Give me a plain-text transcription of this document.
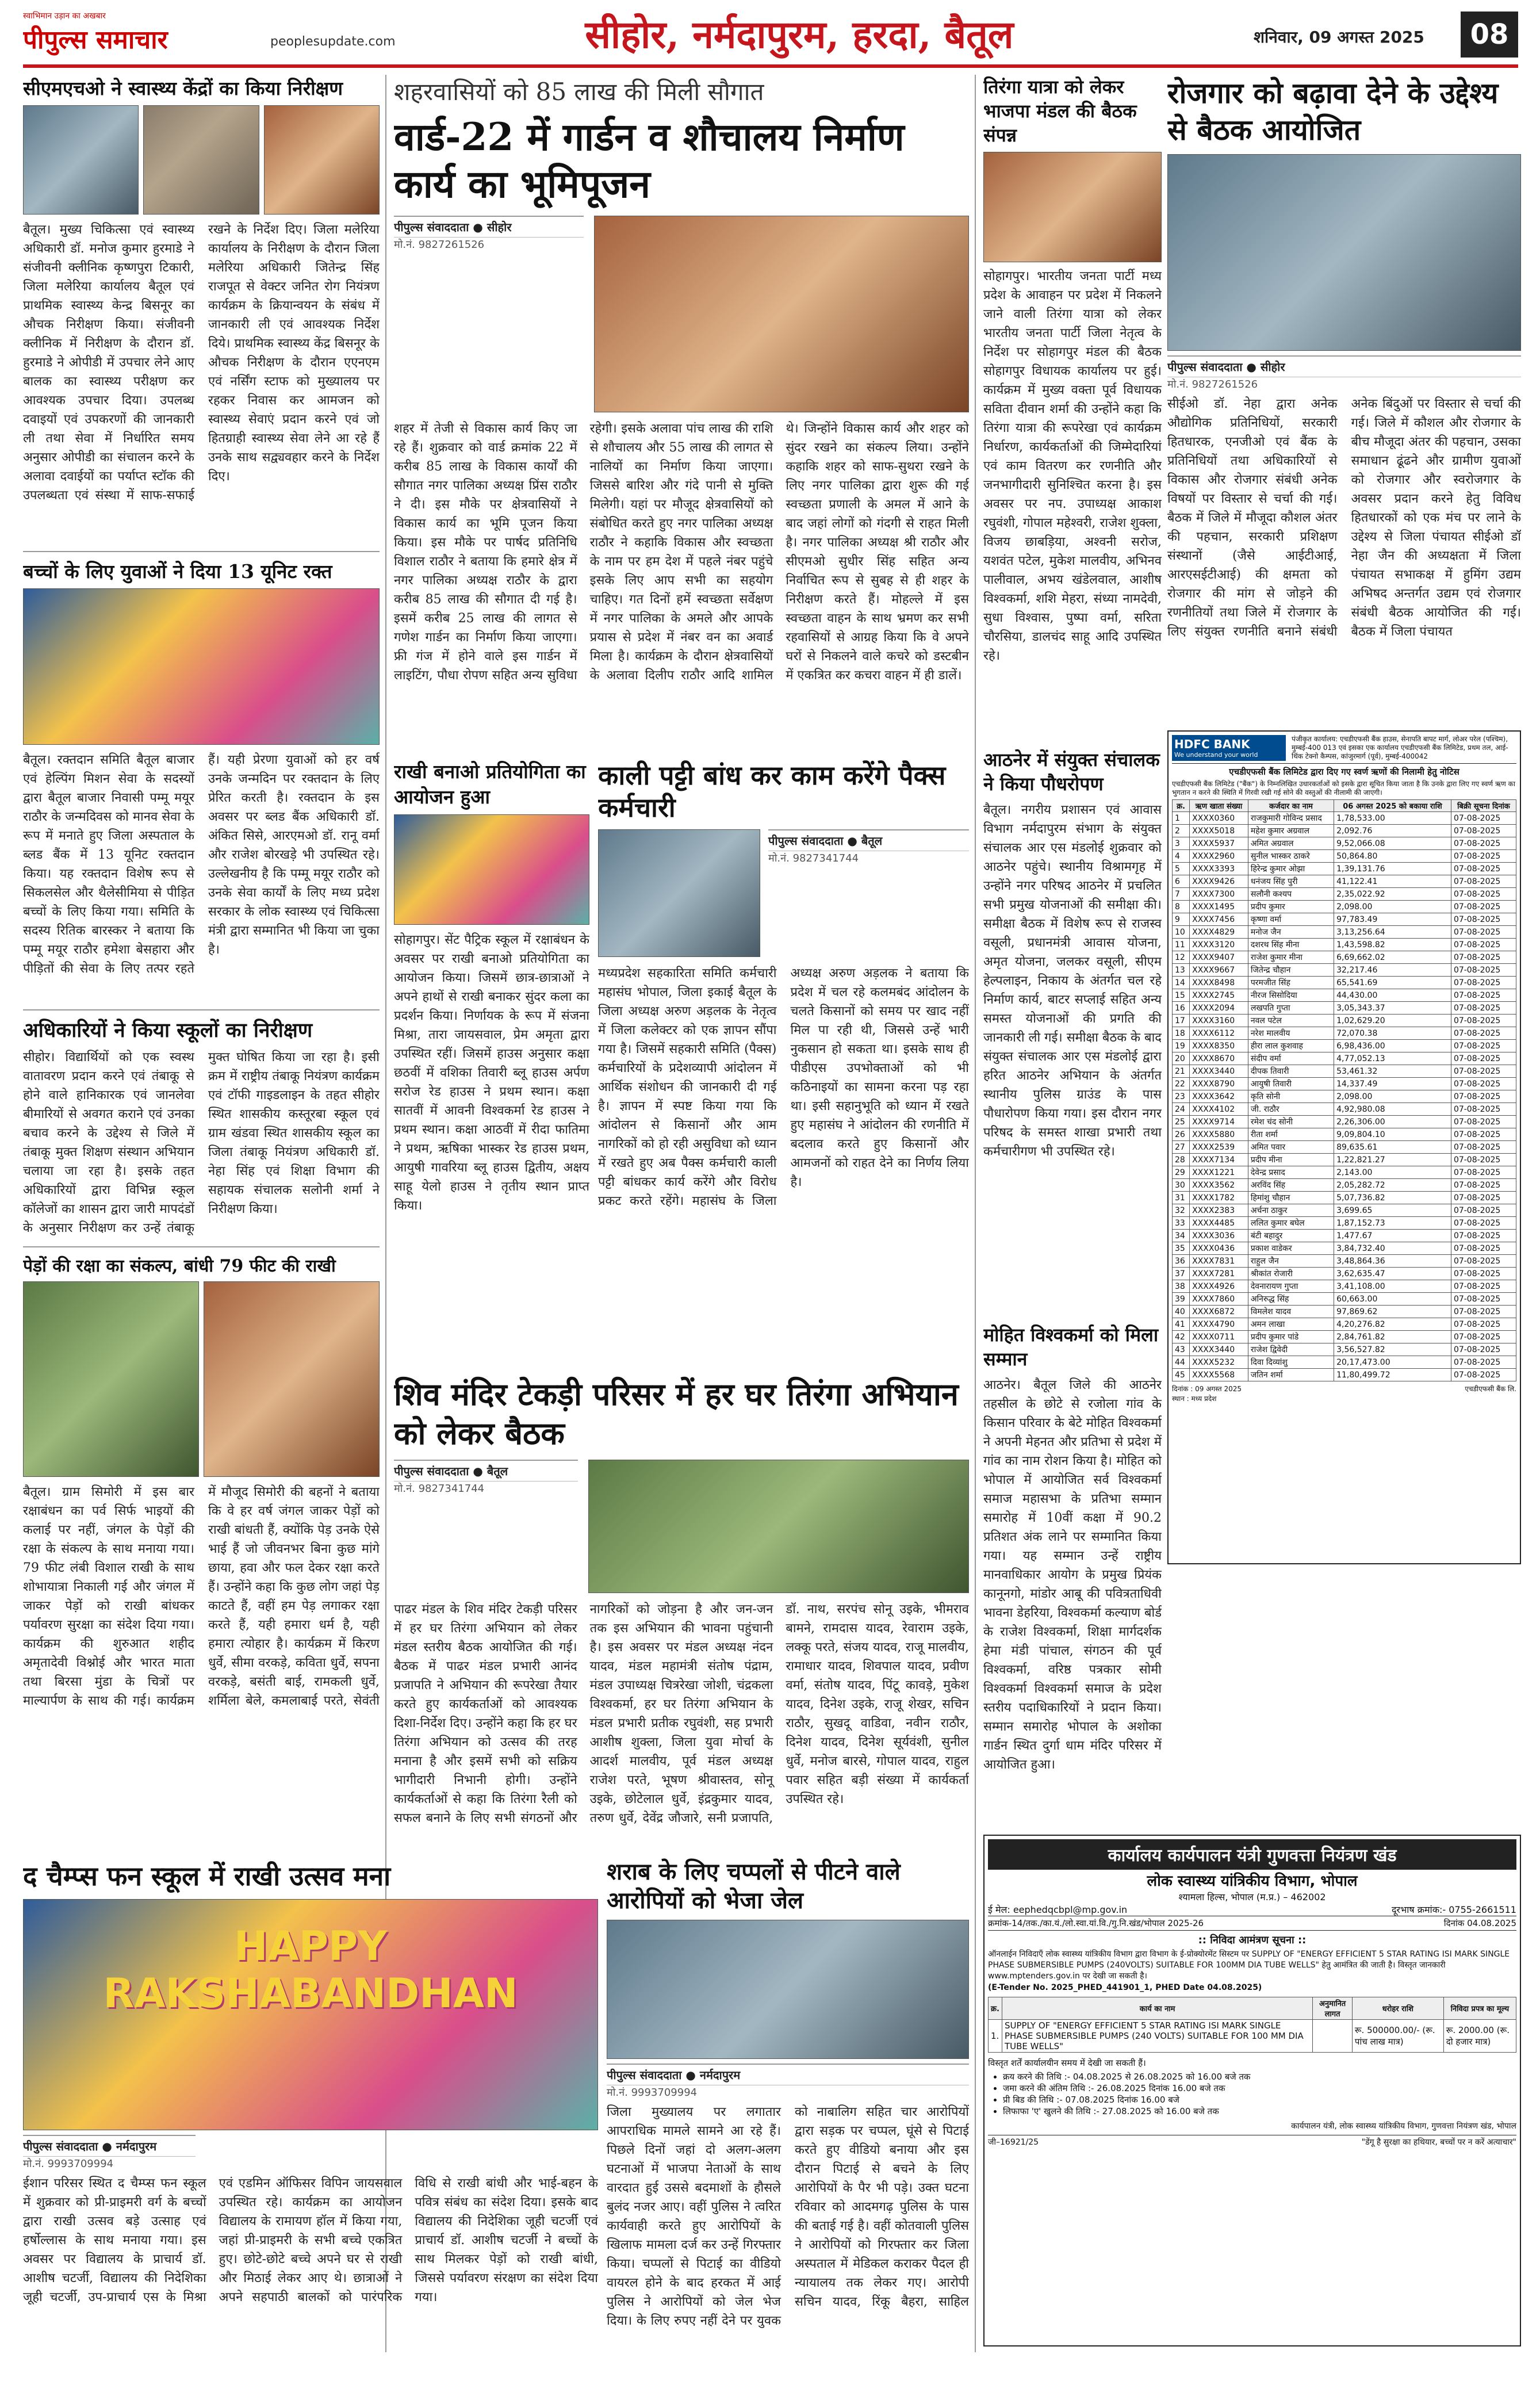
स्वाभिमान उड़ान का अखबार
पीपुल्स समाचार	peoplesupdate.com	सीहोर, नर्मदापुरम, हरदा, बैतूल	शनिवार, 09 अगस्त 2025	08
सीएमएचओ ने स्वास्थ्य केंद्रों का किया निरीक्षण
बैतूल। मुख्य चिकित्सा एवं स्वास्थ्य अधिकारी डॉ. मनोज कुमार हुरमाडे ने संजीवनी क्लीनिक कृष्णपुरा टिकारी, जिला मलेरिया कार्यालय बैतूल एवं प्राथमिक स्वास्थ्य केन्द्र बिसनूर का औचक निरीक्षण किया। संजीवनी क्लीनिक में निरीक्षण के दौरान डॉ. हुरमाडे ने ओपीडी में उपचार लेने आए बालक का स्वास्थ्य परीक्षण कर आवश्यक उपचार दिया। उपलब्ध दवाइयों एवं उपकरणों की जानकारी ली तथा सेवा में निर्धारित समय अनुसार ओपीडी का संचालन करने के अलावा दवाईयों का पर्याप्त स्टॉक की उपलब्धता एवं संस्था में साफ-सफाई रखने के निर्देश दिए। जिला मलेरिया कार्यालय के निरीक्षण के दौरान जिला मलेरिया अधिकारी जितेन्द्र सिंह राजपूत से वेक्टर जनित रोग नियंत्रण कार्यक्रम के क्रियान्वयन के संबंध में जानकारी ली एवं आवश्यक निर्देश दिये। प्राथमिक स्वास्थ्य केंद्र बिसनूर के औचक निरीक्षण के दौरान एएनएम एवं नर्सिंग स्टाफ को मुख्यालय पर रहकर निवास कर आमजन को स्वास्थ्य सेवाएं प्रदान करने एवं जो हितग्राही स्वास्थ्य सेवा लेने आ रहे हैं उनके साथ सद्व्यवहार करने के निर्देश दिए।
बच्चों के लिए युवाओं ने दिया 13 यूनिट रक्त
बैतूल। रक्तदान समिति बैतूल बाजार एवं हेल्पिंग मिशन सेवा के सदस्यों द्वारा बैतूल बाजार निवासी पम्मू मयूर राठौर के जन्मदिवस को मानव सेवा के रूप में मनाते हुए जिला अस्पताल के ब्लड बैंक में 13 यूनिट रक्तदान किया। यह रक्तदान विशेष रूप से सिकलसेल और थैलेसीमिया से पीड़ित बच्चों के लिए किया गया। समिति के सदस्य रितिक बारस्कर ने बताया कि पम्मू मयूर राठौर हमेशा बेसहारा और पीड़ितों की सेवा के लिए तत्पर रहते हैं। यही प्रेरणा युवाओं को हर वर्ष उनके जन्मदिन पर रक्तदान के लिए प्रेरित करती है। रक्तदान के इस अवसर पर ब्लड बैंक अधिकारी डॉ. अंकित सिसे, आरएमओ डॉ. रानू वर्मा और राजेश बोरखड़े भी उपस्थित रहे। उल्लेखनीय है कि पम्मू मयूर राठौर को उनके सेवा कार्यों के लिए मध्य प्रदेश सरकार के लोक स्वास्थ्य एवं चिकित्सा मंत्री द्वारा सम्मानित भी किया जा चुका है।
अधिकारियों ने किया स्कूलों का निरीक्षण
सीहोर। विद्यार्थियों को एक स्वस्थ वातावरण प्रदान करने एवं तंबाकू से होने वाले हानिकारक एवं जानलेवा बीमारियों से अवगत कराने एवं उनका बचाव करने के उद्देश्य से जिले में तंबाकू मुक्त शिक्षण संस्थान अभियान चलाया जा रहा है। इसके तहत अधिकारियों द्वारा विभिन्न स्कूल कॉलेजों का शासन द्वारा जारी मापदंडों के अनुसार निरीक्षण कर उन्हें तंबाकू मुक्त घोषित किया जा रहा है। इसी क्रम में राष्ट्रीय तंबाकू नियंत्रण कार्यक्रम एवं टॉफी गाइडलाइन के तहत सीहोर स्थित शासकीय कस्तूरबा स्कूल एवं ग्राम खंडवा स्थित शासकीय स्कूल का जिला तंबाकू नियंत्रण अधिकारी डॉ. नेहा सिंह एवं शिक्षा विभाग की सहायक संचालक सलोनी शर्मा ने निरीक्षण किया।
पेड़ों की रक्षा का संकल्प, बांधी 79 फीट की राखी
बैतूल। ग्राम सिमोरी में इस बार रक्षाबंधन का पर्व सिर्फ भाइयों की कलाई पर नहीं, जंगल के पेड़ों की रक्षा के संकल्प के साथ मनाया गया। 79 फीट लंबी विशाल राखी के साथ शोभायात्रा निकाली गई और जंगल में जाकर पेड़ों को राखी बांधकर पर्यावरण सुरक्षा का संदेश दिया गया। कार्यक्रम की शुरुआत शहीद अमृतादेवी विश्नोई और भारत माता तथा बिरसा मुंडा के चित्रों पर माल्यार्पण के साथ की गई। कार्यक्रम में मौजूद सिमोरी की बहनों ने बताया कि वे हर वर्ष जंगल जाकर पेड़ों को राखी बांधती हैं, क्योंकि पेड़ उनके ऐसे भाई हैं जो जीवनभर बिना कुछ मांगे छाया, हवा और फल देकर रक्षा करते हैं। उन्होंने कहा कि कुछ लोग जहां पेड़ काटते हैं, वहीं हम पेड़ लगाकर रक्षा करते हैं, यही हमारा धर्म है, यही हमारा त्योहार है। कार्यक्रम में किरण धुर्वे, सीमा वरकड़े, कविता धुर्वे, सपना वरकड़े, बसंती बाई, रामकली धुर्वे, शर्मिला बेले, कमलाबाई परते, सेवंती
शहरवासियों को 85 लाख की मिली सौगात
वार्ड-22 में गार्डन व शौचालय निर्माण कार्य का भूमिपूजन
पीपुल्स संवाददाता ● सीहोर
मो.नं. 9827261526
शहर में तेजी से विकास कार्य किए जा रहे हैं। शुक्रवार को वार्ड क्रमांक 22 में करीब 85 लाख के विकास कार्यों की सौगात नगर पालिका अध्यक्ष प्रिंस राठौर ने दी। इस मौके पर क्षेत्रवासियों ने विकास कार्य का भूमि पूजन किया किया। इस मौके पर पार्षद प्रतिनिधि विशाल राठौर ने बताया कि हमारे क्षेत्र में नगर पालिका अध्यक्ष राठौर के द्वारा करीब 85 लाख की सौगात दी गई है। इसमें करीब 25 लाख की लागत से गणेश गार्डन का निर्माण किया जाएगा। फ्री गंज में होने वाले इस गार्डन में लाइटिंग, पौधा रोपण सहित अन्य सुविधा रहेगी। इसके अलावा पांच लाख की राशि से शौचालय और 55 लाख की लागत से नालियों का निर्माण किया जाएगा। जिससे बारिश और गंदे पानी से मुक्ति मिलेगी। यहां पर मौजूद क्षेत्रवासियों को संबोधित करते हुए नगर पालिका अध्यक्ष राठौर ने कहाकि विकास और स्वच्छता के नाम पर हम देश में पहले नंबर पहुंचे इसके लिए आप सभी का सहयोग चाहिए। गत दिनों हमें स्वच्छता सर्वेक्षण में नगर पालिका के अमले और आपके प्रयास से प्रदेश में नंबर वन का अवार्ड मिला है। कार्यक्रम के दौरान क्षेत्रवासियों के अलावा दिलीप राठौर आदि शामिल थे। जिन्होंने विकास कार्य और शहर को सुंदर रखने का संकल्प लिया। उन्होंने कहाकि शहर को साफ-सुथरा रखने के लिए नगर पालिका द्वारा शुरू की गई स्वच्छता प्रणाली के अमल में आने के बाद जहां लोगों को गंदगी से राहत मिली है। नगर पालिका अध्यक्ष श्री राठौर और सीएमओ सुधीर सिंह सहित अन्य निर्वाचित रूप से सुबह से ही शहर के निरीक्षण करते हैं। मोहल्ले में इस स्वच्छता वाहन के साथ भ्रमण कर सभी रहवासियों से आग्रह किया कि वे अपने घरों से निकलने वाले कचरे को डस्टबीन में एकत्रित कर कचरा वाहन में ही डालें।
राखी बनाओ प्रतियोगिता का आयोजन हुआ
सोहागपुर। सेंट पैट्रिक स्कूल में रक्षाबंधन के अवसर पर राखी बनाओ प्रतियोगिता का आयोजन किया। जिसमें छात्र-छात्राओं ने अपने हाथों से राखी बनाकर सुंदर कला का प्रदर्शन किया। निर्णायक के रूप में संजना मिश्रा, तारा जायसवाल, प्रेम अमृता द्वारा उपस्थित रहीं। जिसमें हाउस अनुसार कक्षा छठवीं में वशिका तिवारी ब्लू हाउस अर्पण सरोज रेड हाउस ने प्रथम स्थान। कक्षा सातवीं में आवनी विश्वकर्मा रेड हाउस ने प्रथम स्थान। कक्षा आठवीं में रीदा फातिमा ने प्रथम, ऋषिका भास्कर रेड हाउस प्रथम, आयुषी गावरिया ब्लू हाउस द्वितीय, अक्षय साहू येलो हाउस ने तृतीय स्थान प्राप्त किया।
काली पट्टी बांध कर काम करेंगे पैक्स कर्मचारी
पीपुल्स संवाददाता ● बैतूल
मो.नं. 9827341744
मध्यप्रदेश सहकारिता समिति कर्मचारी महासंघ भोपाल, जिला इकाई बैतूल के जिला अध्यक्ष अरुण अड़लक के नेतृत्व में जिला कलेक्टर को एक ज्ञापन सौंपा गया है। जिसमें सहकारी समिति (पैक्स) कर्मचारियों के प्रदेशव्यापी आंदोलन में आर्थिक संशोधन की जानकारी दी गई है। ज्ञापन में स्पष्ट किया गया कि आंदोलन से किसानों और आम नागरिकों को हो रही असुविधा को ध्यान में रखते हुए अब पैक्स कर्मचारी काली पट्टी बांधकर कार्य करेंगे और विरोध प्रकट करते रहेंगे। महासंघ के जिला अध्यक्ष अरुण अड़लक ने बताया कि प्रदेश में चल रहे कलमबंद आंदोलन के चलते किसानों को समय पर खाद नहीं मिल पा रही थी, जिससे उन्हें भारी नुकसान हो सकता था। इसके साथ ही पीडीएस उपभोक्ताओं को भी कठिनाइयों का सामना करना पड़ रहा था। इसी सहानुभूति को ध्यान में रखते हुए महासंघ ने आंदोलन की रणनीति में बदलाव करते हुए किसानों और आमजनों को राहत देने का निर्णय लिया है।
शिव मंदिर टेकड़ी परिसर में हर घर तिरंगा अभियान को लेकर बैठक
पीपुल्स संवाददाता ● बैतूल
मो.नं. 9827341744
पाढर मंडल के शिव मंदिर टेकड़ी परिसर में हर घर तिरंगा अभियान को लेकर मंडल स्तरीय बैठक आयोजित की गई। बैठक में पाढर मंडल प्रभारी आनंद प्रजापति ने अभियान की रूपरेखा तैयार करते हुए कार्यकर्ताओं को आवश्यक दिशा-निर्देश दिए। उन्होंने कहा कि हर घर तिरंगा अभियान को उत्सव की तरह मनाना है और इसमें सभी को सक्रिय भागीदारी निभानी होगी। उन्होंने कार्यकर्ताओं से कहा कि तिरंगा रैली को सफल बनाने के लिए सभी संगठनों और नागरिकों को जोड़ना है और जन-जन तक इस अभियान की भावना पहुंचानी है। इस अवसर पर मंडल अध्यक्ष नंदन यादव, मंडल महामंत्री संतोष पंद्राम, मंडल उपाध्यक्ष चित्ररेखा जोशी, चंद्रकला विश्वकर्मा, हर घर तिरंगा अभियान के मंडल प्रभारी प्रतीक रघुवंशी, सह प्रभारी आशीष शुक्ला, जिला युवा मोर्चा के आदर्श मालवीय, पूर्व मंडल अध्यक्ष राजेश परते, भूषण श्रीवास्तव, सोनू उइके, छोटेलाल धुर्वे, इंद्रकुमार यादव, तरुण धुर्वे, देवेंद्र जौजारे, सनी प्रजापति, डॉ. नाथ, सरपंच सोनू उइके, भीमराव बामने, रामदास यादव, रेवाराम उइके, लक्कू परते, संजय यादव, राजू मालवीय, रामाधार यादव, शिवपाल यादव, प्रवीण वर्मा, संतोष यादव, पिंटू कावड़े, मुकेश यादव, दिनेश उइके, राजू शेखर, सचिन राठौर, सुखदू वाडिवा, नवीन राठौर, दिनेश यादव, दिनेश सूर्यवंशी, सुनील धुर्वे, मनोज बारसे, गोपाल यादव, राहुल पवार सहित बड़ी संख्या में कार्यकर्ता उपस्थित रहे।
द चैम्प्स फन स्कूल में राखी उत्सव मना
HAPPY RAKSHABANDHAN
पीपुल्स संवाददाता ● नर्मदापुरम
मो.नं. 9993709994
ईशान परिसर स्थित द चैम्प्स फन स्कूल में शुक्रवार को प्री-प्राइमरी वर्ग के बच्चों द्वारा राखी उत्सव बड़े उत्साह एवं हर्षोल्लास के साथ मनाया गया। इस अवसर पर विद्यालय के प्राचार्य डॉ. आशीष चटर्जी, विद्यालय की निदेशिका जूही चटर्जी, उप-प्राचार्य एस के मिश्रा एवं एडमिन ऑफिसर विपिन जायसवाल उपस्थित रहे। कार्यक्रम का आयोजन विद्यालय के रामायण हॉल में किया गया, जहां प्री-प्राइमरी के सभी बच्चे एकत्रित हुए। छोटे-छोटे बच्चे अपने घर से राखी और मिठाई लेकर आए थे। छात्राओं ने अपने सहपाठी बालकों को पारंपरिक विधि से राखी बांधी और भाई-बहन के पवित्र संबंध का संदेश दिया। इसके बाद विद्यालय की निदेशिका जूही चटर्जी एवं प्राचार्य डॉ. आशीष चटर्जी ने बच्चों के साथ मिलकर पेड़ों को राखी बांधी, जिससे पर्यावरण संरक्षण का संदेश दिया गया।
शराब के लिए चप्पलों से पीटने वाले आरोपियों को भेजा जेल
पीपुल्स संवाददाता ● नर्मदापुरम
मो.नं. 9993709994
जिला मुख्यालय पर लगातार आपराधिक मामले सामने आ रहे हैं। पिछले दिनों जहां दो अलग-अलग घटनाओं में भाजपा नेताओं के साथ वारदात हुई उससे बदमाशों के हौसले बुलंद नजर आए। वहीं पुलिस ने त्वरित कार्यवाही करते हुए आरोपियों के खिलाफ मामला दर्ज कर उन्हें गिरफ्तार किया। चप्पलों से पिटाई का वीडियो वायरल होने के बाद हरकत में आई पुलिस ने आरोपियों को जेल भेज दिया। के लिए रुपए नहीं देने पर युवक को नाबालिग सहित चार आरोपियों द्वारा सड़क पर चप्पल, घूंसे से पिटाई करते हुए वीडियो बनाया और इस दौरान पिटाई से बचने के लिए आरोपियों के पैर भी पड़े। उक्त घटना रविवार को आदमगढ़ पुलिस के पास की बताई गई है। वहीं कोतवाली पुलिस ने आरोपियों को गिरफ्तार कर जिला अस्पताल में मेडिकल कराकर पैदल ही न्यायालय तक लेकर गए। आरोपी सचिन यादव, रिंकू बैहरा, साहिल
तिरंगा यात्रा को लेकर भाजपा मंडल की बैठक संपन्न
सोहागपुर। भारतीय जनता पार्टी मध्य प्रदेश के आवाहन पर प्रदेश में निकलने जाने वाली तिरंगा यात्रा को लेकर भारतीय जनता पार्टी जिला नेतृत्व के निर्देश पर सोहागपुर मंडल की बैठक सोहागपुर विधायक कार्यालय पर हुई। कार्यक्रम में मुख्य वक्ता पूर्व विधायक सविता दीवान शर्मा की उन्होंने कहा कि तिरंगा यात्रा की रूपरेखा एवं कार्यक्रम निर्धारण, कार्यकर्ताओं की जिम्मेदारियां एवं काम वितरण कर रणनीति और जनभागीदारी सुनिश्चित करना है। इस अवसर पर नप. उपाध्यक्ष आकाश रघुवंशी, गोपाल महेश्वरी, राजेश शुक्ला, विजय छाबड़िया, अश्वनी सरोज, यशवंत पटेल, मुकेश मालवीय, अभिनव पालीवाल, अभय खंडेलवाल, आशीष विश्वकर्मा, शशि मेहरा, संध्या नामदेवी, सुधा विश्वास, पुष्पा वर्मा, सरिता चौरसिया, डालचंद साहू आदि उपस्थित रहे।
आठनेर में संयुक्त संचालक ने किया पौधरोपण
बैतूल। नगरीय प्रशासन एवं आवास विभाग नर्मदापुरम संभाग के संयुक्त संचालक आर एस मंडलोई शुक्रवार को आठनेर पहुंचे। स्थानीय विश्रामगृह में उन्होंने नगर परिषद आठनेर में प्रचलित सभी प्रमुख योजनाओं की समीक्षा की। समीक्षा बैठक में विशेष रूप से राजस्व वसूली, प्रधानमंत्री आवास योजना, अमृत योजना, जलकर वसूली, सीएम हेल्पलाइन, निकाय के अंतर्गत चल रहे निर्माण कार्य, बाटर सप्लाई सहित अन्य समस्त योजनाओं की प्रगति की जानकारी ली गई। समीक्षा बैठक के बाद संयुक्त संचालक आर एस मंडलोई द्वारा हरित आठनेर अभियान के अंतर्गत स्थानीय पुलिस ग्राउंड के पास पौधारोपण किया गया। इस दौरान नगर परिषद के समस्त शाखा प्रभारी तथा कर्मचारीगण भी उपस्थित रहे।
मोहित विश्वकर्मा को मिला सम्मान
आठनेर। बैतूल जिले की आठनेर तहसील के छोटे से रजोला गांव के किसान परिवार के बेटे मोहित विश्वकर्मा ने अपनी मेहनत और प्रतिभा से प्रदेश में गांव का नाम रोशन किया है। मोहित को भोपाल में आयोजित सर्व विश्वकर्मा समाज महासभा के प्रतिभा सम्मान समारोह में 10वीं कक्षा में 90.2 प्रतिशत अंक लाने पर सम्मानित किया गया। यह सम्मान उन्हें राष्ट्रीय मानवाधिकार आयोग के प्रमुख प्रियंक कानूनगो, मांडोर आबू की पवित्रताधिवी भावना डेहरिया, विश्वकर्मा कल्याण बोर्ड के राजेश विश्वकर्मा, शिक्षा मार्गदर्शक हेमा मंडी पांचाल, संगठन की पूर्व विश्वकर्मा, वरिष्ठ पत्रकार सोमी विश्वकर्मा विश्वकर्मा समाज के प्रदेश स्तरीय पदाधिकारियों ने प्रदान किया। सम्मान समारोह भोपाल के अशोका गार्डन स्थित दुर्गा धाम मंदिर परिसर में आयोजित हुआ।
रोजगार को बढ़ावा देने के उद्देश्य से बैठक आयोजित
पीपुल्स संवाददाता ● सीहोर
मो.नं. 9827261526
सीईओ डॉ. नेहा द्वारा अनेक औद्योगिक प्रतिनिधियों, सरकारी हितधारक, एनजीओ एवं बैंक के प्रतिनिधियों तथा अधिकारियों से विकास और रोजगार संबंधी अनेक विषयों पर विस्तार से चर्चा की गई। बैठक में जिले में मौजूदा कौशल अंतर की पहचान, सरकारी प्रशिक्षण संस्थानों (जैसे आईटीआई, आरएसईटीआई) की क्षमता को रोजगार की मांग से जोड़ने की रणनीतियों तथा जिले में रोजगार के लिए संयुक्त रणनीति बनाने संबंधी अनेक बिंदुओं पर विस्तार से चर्चा की गई। जिले में कौशल और रोजगार के बीच मौजूदा अंतर की पहचान, उसका समाधान ढूंढने और ग्रामीण युवाओं को रोजगार और स्वरोजगार के अवसर प्रदान करने हेतु विविध हितधारकों को एक मंच पर लाने के उद्देश्य से जिला पंचायत सीईओ डॉ नेहा जैन की अध्यक्षता में जिला पंचायत सभाकक्ष में हुमिंग उद्यम अभिषद अन्तर्गत उद्यम एवं रोजगार संबंधी बैठक आयोजित की गई। बैठक में जिला पंचायत
HDFC BANK
We understand your world
पंजीकृत कार्यालय: एचडीएफसी बैंक हाउस, सेनापति बापट मार्ग, लोअर परेल (पश्चिम), मुम्बई-400 013 एवं इसका एक कार्यालय एचडीएफसी बैंक लिमिटेड, प्रथम तल, आई-थिंक टेक्नो कैम्पस, कांजुरमार्ग (पूर्व), मुम्बई-400042
एचडीएफसी बैंक लिमिटेड द्वारा दिए गए स्वर्ण ऋणों की निलामी हेतु नोटिस
एचडीएफसी बैंक लिमिटेड ("बैंक") के निम्नलिखित उधारकर्ताओं को इसके द्वारा सूचित किया जाता है कि उनके द्वारा लिए गए स्वर्ण ऋण का भुगतान न करने की स्थिति में गिरवी रखी गई सोने की वस्तुओं की नीलामी की जाएगी।
क्र.	ऋण खाता संख्या	कर्जदार का नाम	06 अगस्त 2025 को बकाया राशि	बिक्री सूचना दिनांक
1	XXXX0360	राजकुमारी गोविन्द प्रसाद	1,78,533.00	07-08-2025
2	XXXX5018	महेश कुमार अग्रवाल	2,092.76	07-08-2025
3	XXXX5937	अमित अग्रवाल	9,52,066.08	07-08-2025
4	XXXX2960	सुनील भास्कर ठाकरे	50,864.80	07-08-2025
5	XXXX3393	हिरेन्द्र कुमार ओझा	1,39,131.76	07-08-2025
6	XXXX9426	धनंजय सिंह पुरी	41,122.41	07-08-2025
7	XXXX7300	सलौनी कश्यप	2,35,022.92	07-08-2025
8	XXXX1495	प्रदीप कुमार	2,098.00	07-08-2025
9	XXXX7456	कृष्णा वर्मा	97,783.49	07-08-2025
10	XXXX4829	मनोज जैन	3,13,256.64	07-08-2025
11	XXXX3120	दशरथ सिंह मीना	1,43,598.82	07-08-2025
12	XXXX9407	राजेश कुमार मीना	6,69,662.02	07-08-2025
13	XXXX9667	जितेन्द्र चौहान	32,217.46	07-08-2025
14	XXXX8498	परमजीत सिंह	65,541.69	07-08-2025
15	XXXX2745	नीरज सिसोदिया	44,430.00	07-08-2025
16	XXXX2094	लखपति गुप्ता	3,05,343.37	07-08-2025
17	XXXX3160	नवल पटेल	1,02,629.20	07-08-2025
18	XXXX6112	नरेश मालवीय	72,070.38	07-08-2025
19	XXXX8350	हीरा लाल कुशवाह	6,98,436.00	07-08-2025
20	XXXX8670	संदीप वर्मा	4,77,052.13	07-08-2025
21	XXXX3440	दीपक तिवारी	53,461.32	07-08-2025
22	XXXX8790	आयुषी तिवारी	14,337.49	07-08-2025
23	XXXX3642	कृति सोनी	2,098.00	07-08-2025
24	XXXX4102	जी. राठौर	4,92,980.08	07-08-2025
25	XXXX9714	रमेश चंद सोनी	2,26,306.00	07-08-2025
26	XXXX5880	रीता शर्मा	9,09,804.10	07-08-2025
27	XXXX2539	अमित पवार	89,635.61	07-08-2025
28	XXXX7134	प्रदीप मीना	1,22,821.27	07-08-2025
29	XXXX1221	देवेन्द्र प्रसाद	2,143.00	07-08-2025
30	XXXX3562	अरविंद सिंह	2,05,282.72	07-08-2025
31	XXXX1782	हिमांशु चौहान	5,07,736.82	07-08-2025
32	XXXX2383	अर्चना ठाकुर	3,699.65	07-08-2025
33	XXXX4485	ललित कुमार बघेल	1,87,152.73	07-08-2025
34	XXXX3036	बंटी बहादुर	1,477.67	07-08-2025
35	XXXX0436	प्रकाश वाडेकर	3,84,732.40	07-08-2025
36	XXXX7831	राहुल जैन	3,48,864.36	07-08-2025
37	XXXX7281	श्रीकांत रोजारी	3,62,635.47	07-08-2025
38	XXXX4926	देवनारायण गुप्ता	3,41,108.00	07-08-2025
39	XXXX7860	अनिरुद्ध सिंह	60,663.00	07-08-2025
40	XXXX6872	विमलेश यादव	97,869.62	07-08-2025
41	XXXX4790	अमन लाखा	4,20,276.82	07-08-2025
42	XXXX0711	प्रदीप कुमार पांडे	2,84,761.82	07-08-2025
43	XXXX3440	राजेश द्विवेदी	3,56,527.82	07-08-2025
44	XXXX5232	दिवा दिव्यांशु	20,17,473.00	07-08-2025
45	XXXX5568	जतिन शर्मा	11,80,499.72	07-08-2025
दिनांक : 09 अगस्त 2025
स्थान : मध्य प्रदेश
एचडीएफसी बैंक लि.
कार्यालय कार्यपालन यंत्री गुणवत्ता नियंत्रण खंड
लोक स्वास्थ्य यांत्रिकीय विभाग, भोपाल
श्यामला हिल्स, भोपाल (म.प्र.) – 462002
ई मेल: eephedqcbpl@mp.gov.in	दूरभाष क्रमांक:- 0755-2661511
क्रमांक-14/तक./का.यं./लो.स्वा.यां.वि./गु.नि.खंड/भोपाल 2025-26	दिनांक 04.08.2025
:: निविदा आमंत्रण सूचना ::
ऑनलाईन निविदाएँ लोक स्वास्थ्य यांत्रिकीय विभाग द्वारा विभाग के ई-प्रोक्योरमेंट सिस्टम पर SUPPLY OF "ENERGY EFFICIENT 5 STAR RATING ISI MARK SINGLE PHASE SUBMERSIBLE PUMPS (240VOLTS) SUITABLE FOR 100MM DIA TUBE WELLS" हेतु आमंत्रित की जाती है। विस्तृत जानकारी www.mptenders.gov.in पर देखी जा सकती है।
(E-Tender No. 2025_PHED_441901_1, PHED Date 04.08.2025)
क्र.	कार्य का नाम	अनुमानित लागत	धरोहर राशि	निविदा प्रपत्र का मूल्य
1.	SUPPLY OF "ENERGY EFFICIENT 5 STAR RATING ISI MARK SINGLE PHASE SUBMERSIBLE PUMPS (240 VOLTS) SUITABLE FOR 100 MM DIA TUBE WELLS"		रू. 500000.00/- (रू. पांच लाख मात्र)	रू. 2000.00 (रू. दो हजार मात्र)
विस्तृत शर्तें कार्यालयीन समय में देखी जा सकती हैं।
• क्रय करने की तिथि :- 04.08.2025 से 26.08.2025 को 16.00 बजे तक
• जमा करने की अंतिम तिथि :- 26.08.2025 दिनांक 16.00 बजे तक
• प्री बिड की तिथि :- 07.08.2025 दिनांक 16.00 बजे
• लिफाफा 'ए' खुलने की तिथि :- 27.08.2025 को 16.00 बजे तक
कार्यपालन यंत्री, लोक स्वास्थ्य यांत्रिकीय विभाग, गुणवत्ता नियंत्रण खंड, भोपाल
जी–16921/25	"डेंगू है सुरक्षा का हथियार, बच्चों पर न करें अत्याचार"
